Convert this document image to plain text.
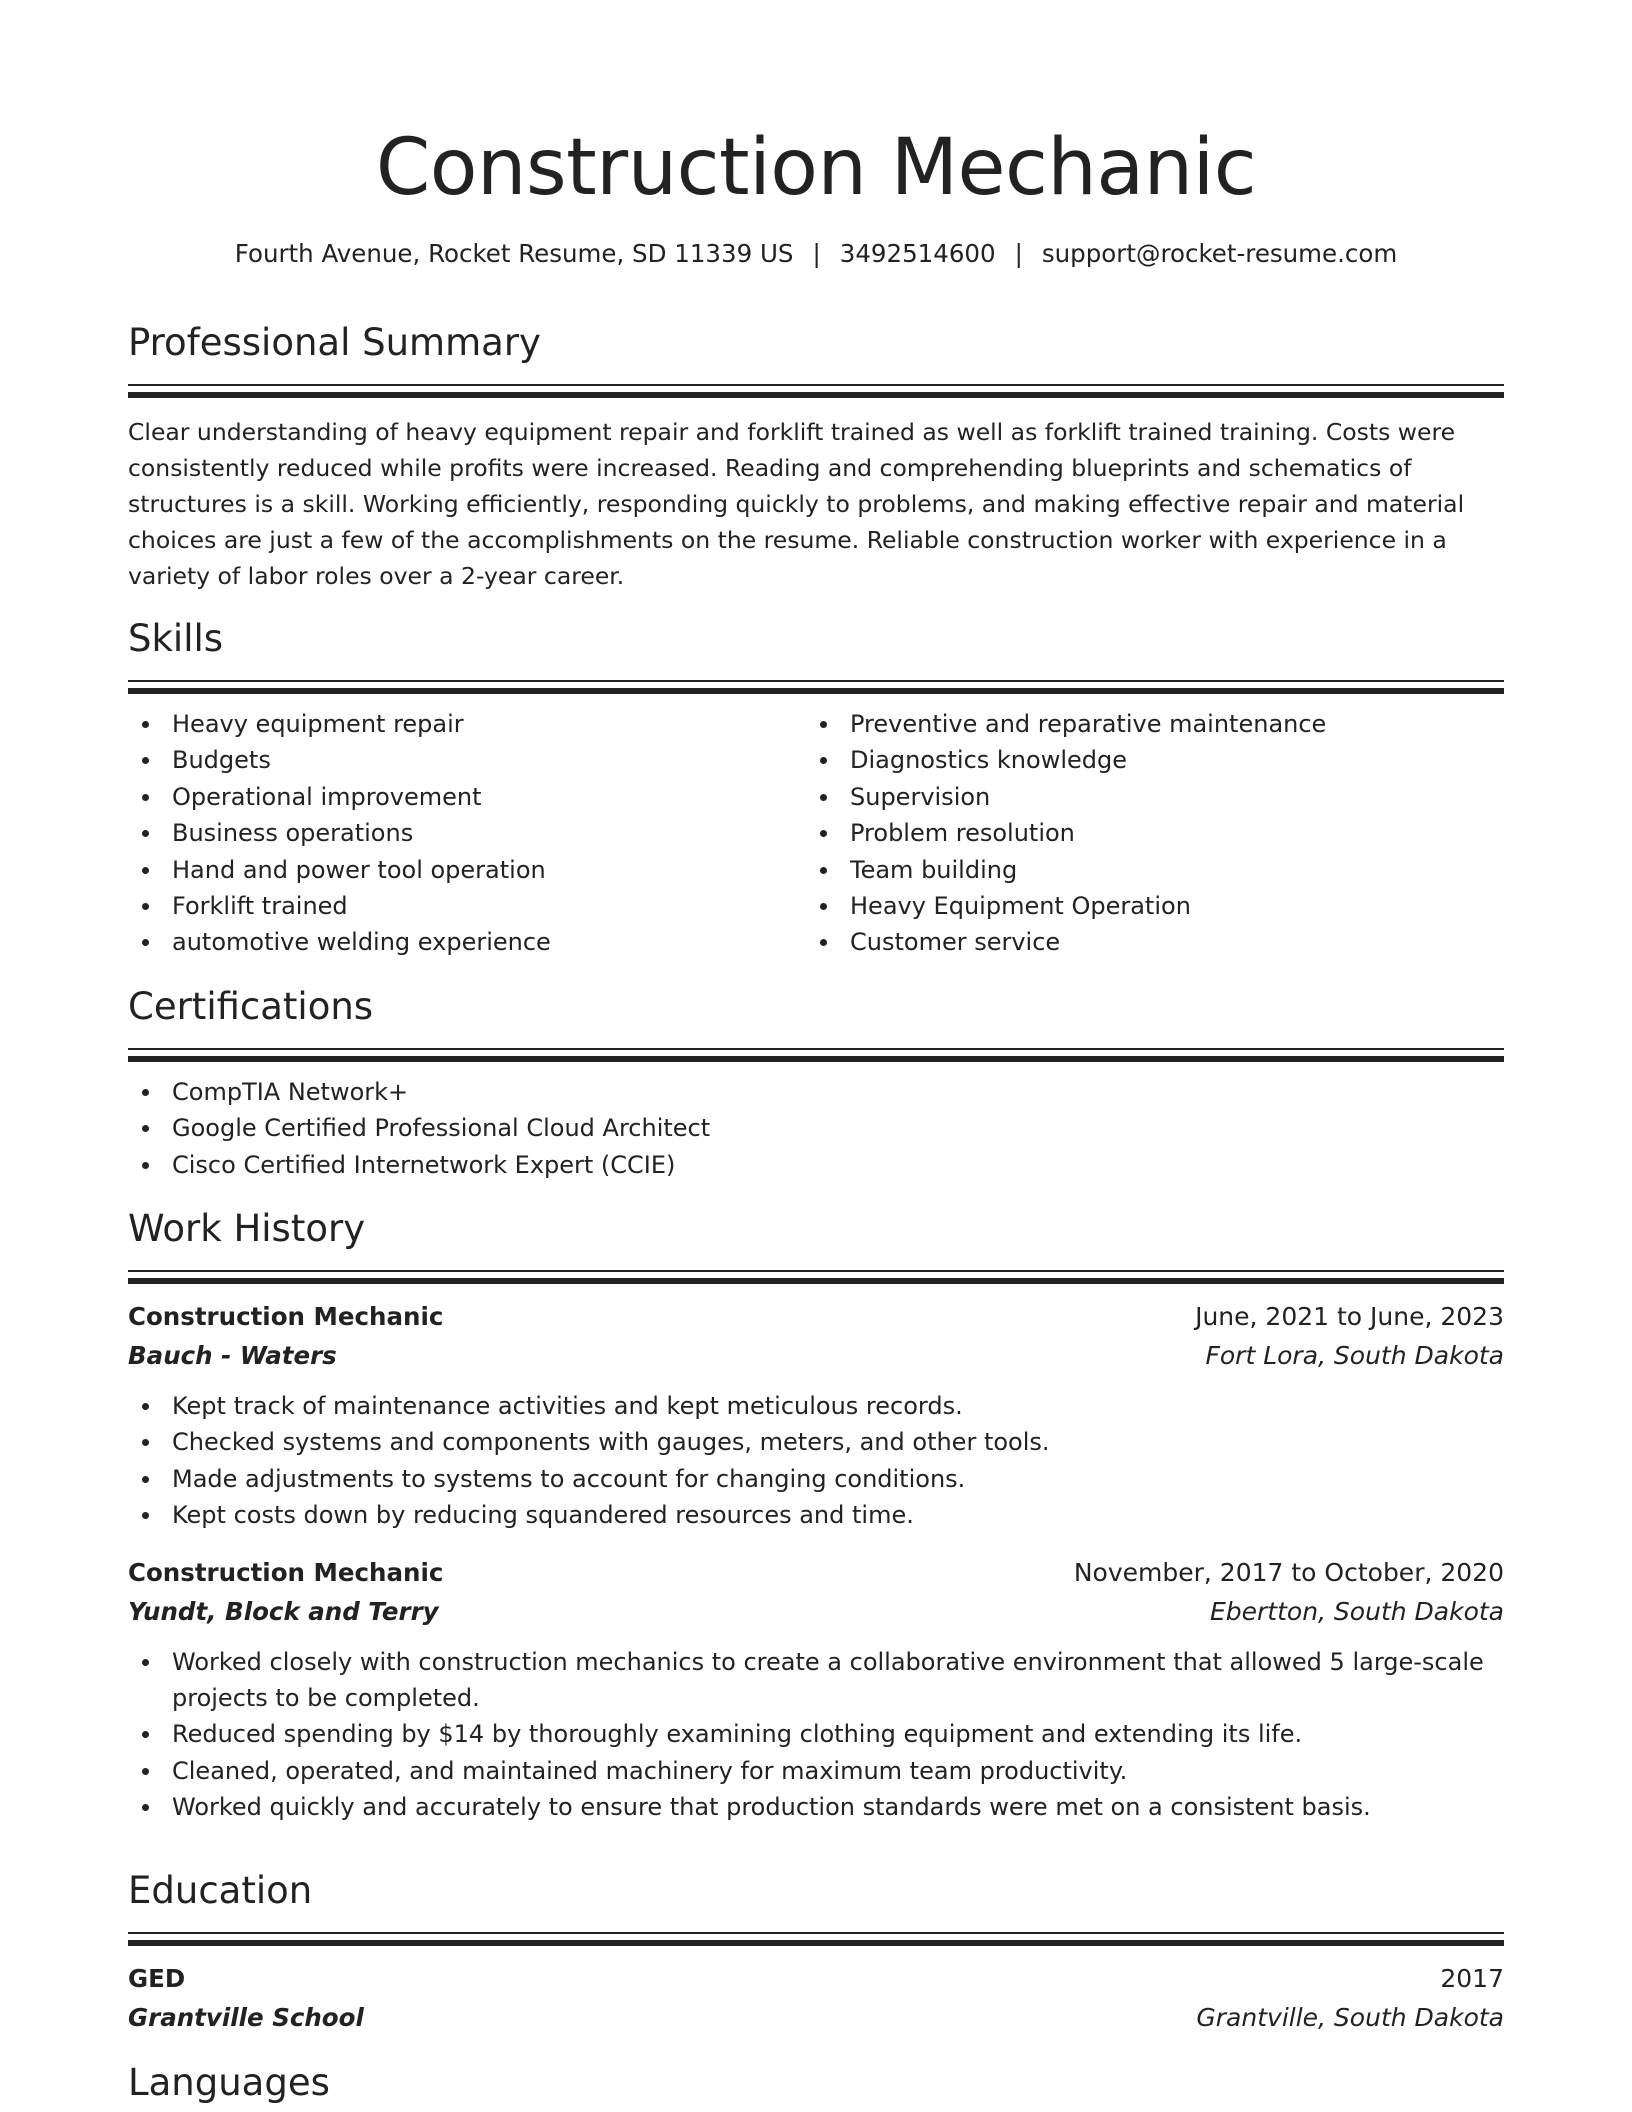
Construction Mechanic
Fourth Avenue, Rocket Resume, SD 11339 US | 3492514600 | support@rocket-resume.com
Professional Summary
Clear understanding of heavy equipment repair and forklift trained as well as forklift trained training. Costs were consistently reduced while profits were increased. Reading and comprehending blueprints and schematics of structures is a skill. Working efficiently, responding quickly to problems, and making effective repair and material choices are just a few of the accomplishments on the resume. Reliable construction worker with experience in a variety of labor roles over a 2-year career.
Skills
Heavy equipment repair
Budgets
Operational improvement
Business operations
Hand and power tool operation
Forklift trained
automotive welding experience
Preventive and reparative maintenance
Diagnostics knowledge
Supervision
Problem resolution
Team building
Heavy Equipment Operation
Customer service
Certifications
CompTIA Network+
Google Certified Professional Cloud Architect
Cisco Certified Internetwork Expert (CCIE)
Work History
Construction Mechanic	June, 2021 to June, 2023
Bauch - Waters	Fort Lora, South Dakota
Kept track of maintenance activities and kept meticulous records.
Checked systems and components with gauges, meters, and other tools.
Made adjustments to systems to account for changing conditions.
Kept costs down by reducing squandered resources and time.
Construction Mechanic	November, 2017 to October, 2020
Yundt, Block and Terry	Ebertton, South Dakota
Worked closely with construction mechanics to create a collaborative environment that allowed 5 large-scale projects to be completed.
Reduced spending by $14 by thoroughly examining clothing equipment and extending its life.
Cleaned, operated, and maintained machinery for maximum team productivity.
Worked quickly and accurately to ensure that production standards were met on a consistent basis.
Education
GED	2017
Grantville School	Grantville, South Dakota
Languages
